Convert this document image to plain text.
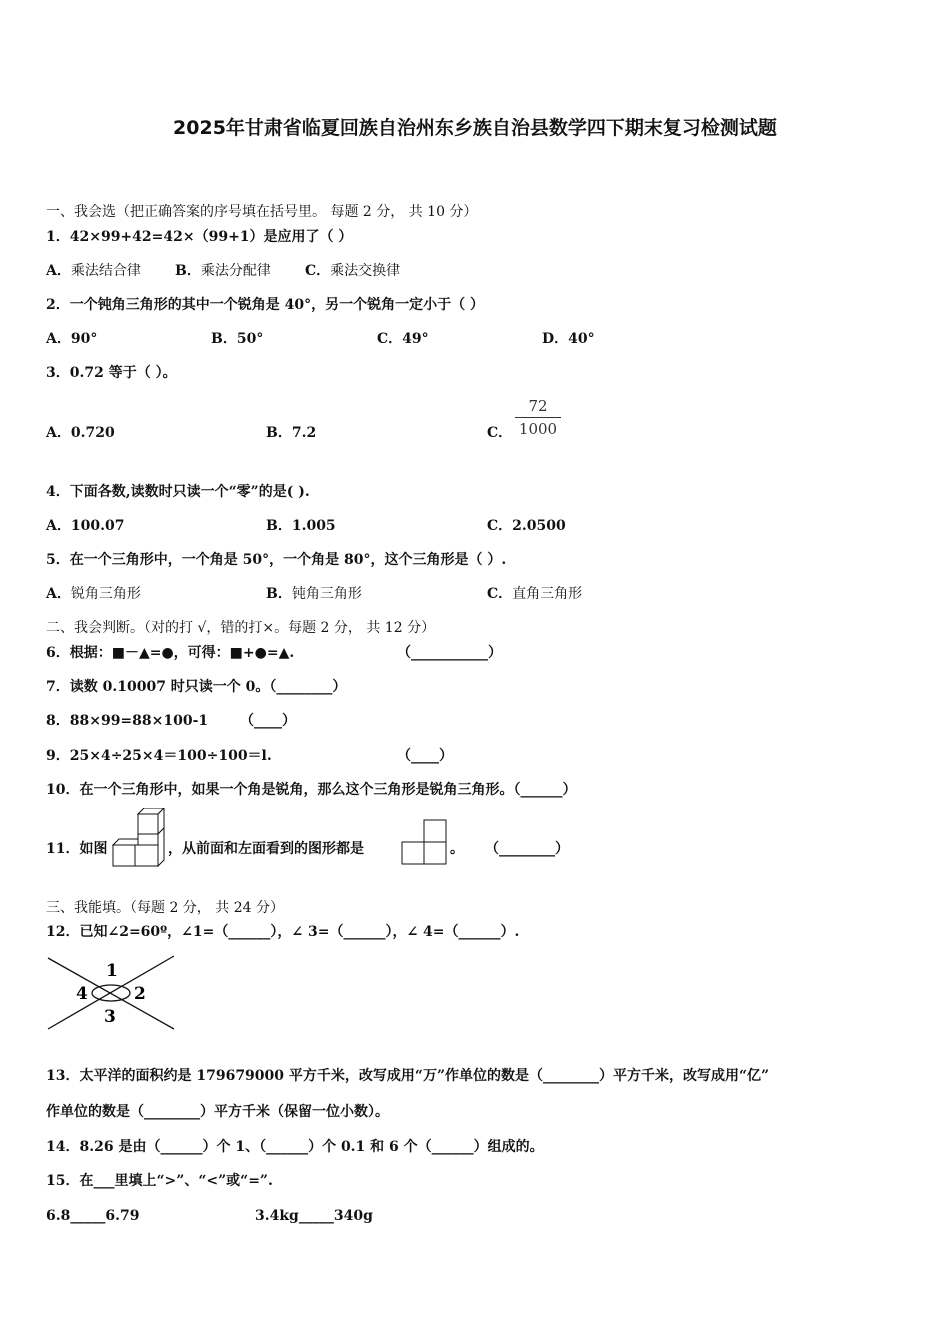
2025年甘肃省临夏回族自治州东乡族自治县数学四下期末复习检测试题
一、我会选（把正确答案的序号填在括号里。 每题 2 分， 共 10 分）
1．42×99+42=42×（99+1）是应用了（ ）
A．乘法结合律 B．乘法分配律 C．乘法交换律
2．一个钝角三角形的其中一个锐角是 40°，另一个锐角一定小于（ ）
A．90°	B．50°	C．49°	D．40°
3．0.72 等于（ ）。
A．0.720	B．7.2	C．
72
1000
4．下面各数,读数时只读一个“零”的是( ).
A．100.07	B．1.005	C．2.0500
5．在一个三角形中，一个角是 50°，一个角是 80°，这个三角形是（ ）.
A．锐角三角形	B．钝角三角形	C．直角三角形
二、我会判断。（对的打 √，错的打×。每题 2 分， 共 12 分）
6．根据：■－▲=●，可得：■+●=▲.	（___________）
7．读数 0.10007 时只读一个 0。（________）
8．88×99=88×100-1 （____）
9．25×4÷25×4＝100÷100＝l.	（____）
10．在一个三角形中，如果一个角是锐角，那么这个三角形是锐角三角形。（______）
11．如图	，从前面和左面看到的图形都是	。 （________）
三、我能填。（每题 2 分， 共 24 分）
12．已知∠2=60º，∠1=（______），∠ 3=（______），∠ 4=（______）.
1
2
3
4
13．太平洋的面积约是 179679000 平方千米，改写成用“万”作单位的数是（________）平方千米，改写成用“亿”
作单位的数是（________）平方千米（保留一位小数）。
14．8.26 是由（______）个 1、（______）个 0.1 和 6 个（______）组成的。
15．在___里填上“>”、“<”或“=”.
6.8_____6.79	3.4kg_____340g
